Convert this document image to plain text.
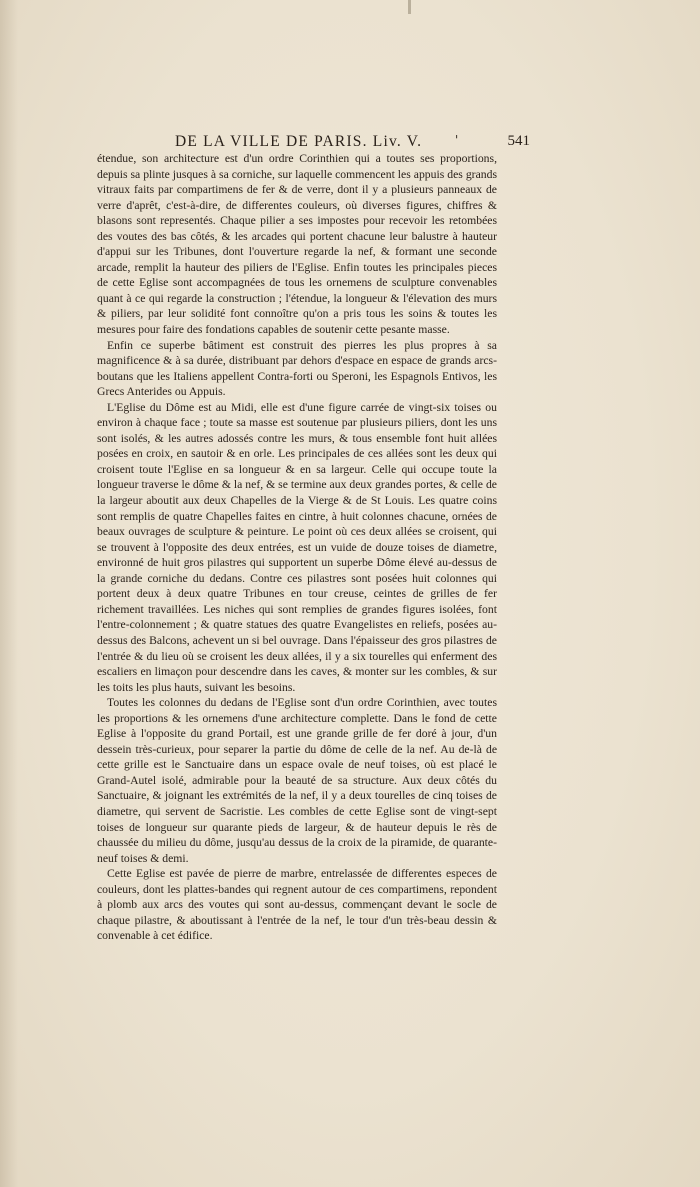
DE LA VILLE DE PARIS. Liv. V.	'	541

étendue, son architecture est d'un ordre Corinthien qui a toutes ses proportions, depuis sa plinte jusques à sa corniche, sur laquelle commencent les appuis des grands vitraux faits par compartimens de fer & de verre, dont il y a plusieurs panneaux de verre d'aprêt, c'est-à-dire, de differentes couleurs, où diverses figures, chiffres & blasons sont representés. Chaque pilier a ses impostes pour recevoir les retombées des voutes des bas côtés, & les arcades qui portent chacune leur balustre à hauteur d'appui sur les Tribunes, dont l'ouverture regarde la nef, & formant une seconde arcade, remplit la hauteur des piliers de l'Eglise. Enfin toutes les principales pieces de cette Eglise sont accompagnées de tous les ornemens de sculpture convenables quant à ce qui regarde la construction ; l'étendue, la longueur & l'élevation des murs & piliers, par leur solidité font connoître qu'on a pris tous les soins & toutes les mesures pour faire des fondations capables de soutenir cette pesante masse.

Enfin ce superbe bâtiment est construit des pierres les plus propres à sa magnificence & à sa durée, distribuant par dehors d'espace en espace de grands arcs-boutans que les Italiens appellent Contra-forti ou Speroni, les Espagnols Entivos, les Grecs Anterides ou Appuis.

L'Eglise du Dôme est au Midi, elle est d'une figure carrée de vingt-six toises ou environ à chaque face ; toute sa masse est soutenue par plusieurs piliers, dont les uns sont isolés, & les autres adossés contre les murs, & tous ensemble font huit allées posées en croix, en sautoir & en orle. Les principales de ces allées sont les deux qui croisent toute l'Eglise en sa longueur & en sa largeur. Celle qui occupe toute la longueur traverse le dôme & la nef, & se termine aux deux grandes portes, & celle de la largeur aboutit aux deux Chapelles de la Vierge & de St Louis. Les quatre coins sont remplis de quatre Chapelles faites en cintre, à huit colonnes chacune, ornées de beaux ouvrages de sculpture & peinture. Le point où ces deux allées se croisent, qui se trouvent à l'opposite des deux entrées, est un vuide de douze toises de diametre, environné de huit gros pilastres qui supportent un superbe Dôme élevé au-dessus de la grande corniche du dedans. Contre ces pilastres sont posées huit colonnes qui portent deux à deux quatre Tribunes en tour creuse, ceintes de grilles de fer richement travaillées. Les niches qui sont remplies de grandes figures isolées, font l'entre-colonnement ; & quatre statues des quatre Evangelistes en reliefs, posées au-dessus des Balcons, achevent un si bel ouvrage. Dans l'épaisseur des gros pilastres de l'entrée & du lieu où se croisent les deux allées, il y a six tourelles qui enferment des escaliers en limaçon pour descendre dans les caves, & monter sur les combles, & sur les toits les plus hauts, suivant les besoins.

Toutes les colonnes du dedans de l'Eglise sont d'un ordre Corinthien, avec toutes les proportions & les ornemens d'une architecture complette. Dans le fond de cette Eglise à l'opposite du grand Portail, est une grande grille de fer doré à jour, d'un dessein très-curieux, pour separer la partie du dôme de celle de la nef. Au de-là de cette grille est le Sanctuaire dans un espace ovale de neuf toises, où est placé le Grand-Autel isolé, admirable pour la beauté de sa structure. Aux deux côtés du Sanctuaire, & joignant les extrémités de la nef, il y a deux tourelles de cinq toises de diametre, qui servent de Sacristie. Les combles de cette Eglise sont de vingt-sept toises de longueur sur quarante pieds de largeur, & de hauteur depuis le rès de chaussée du milieu du dôme, jusqu'au dessus de la croix de la piramide, de quarante-neuf toises & demi.

Cette Eglise est pavée de pierre de marbre, entrelassée de differentes especes de couleurs, dont les plattes-bandes qui regnent autour de ces compartimens, repondent à plomb aux arcs des voutes qui sont au-dessus, commençant devant le socle de chaque pilastre, & aboutissant à l'entrée de la nef, le tour d'un très-beau dessin & convenable à cet édifice.
